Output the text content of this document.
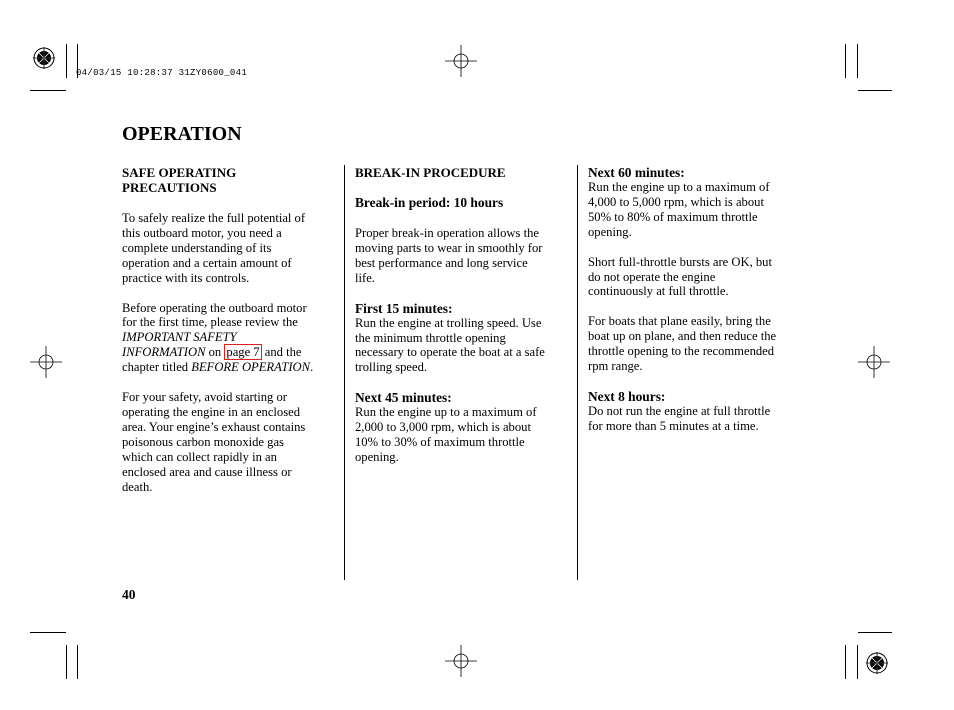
04/03/15 10:28:37 31ZY0600_041
OPERATION

SAFE OPERATING

PRECAUTIONS

To safely realize the full potential of

this outboard motor, you need a

complete understanding of its

operation and a certain amount of

practice with its controls.

Before operating the outboard motor

for the first time, please review the

IMPORTANT SAFETY

INFORMATION on page 7 and the

chapter titled BEFORE OPERATION.

For your safety, avoid starting or

operating the engine in an enclosed

area. Your engine’s exhaust contains

poisonous carbon monoxide gas

which can collect rapidly in an

enclosed area and cause illness or

death.

BREAK-IN PROCEDURE

Break-in period: 10 hours

Proper break-in operation allows the

moving parts to wear in smoothly for

best performance and long service

life.

First 15 minutes:

Run the engine at trolling speed. Use

the minimum throttle opening

necessary to operate the boat at a safe

trolling speed.

Next 45 minutes:

Run the engine up to a maximum of

2,000 to 3,000 rpm, which is about

10% to 30% of maximum throttle

opening.

Next 60 minutes:

Run the engine up to a maximum of

4,000 to 5,000 rpm, which is about

50% to 80% of maximum throttle

opening.

Short full-throttle bursts are OK, but

do not operate the engine

continuously at full throttle.

For boats that plane easily, bring the

boat up on plane, and then reduce the

throttle opening to the recommended

rpm range.

Next 8 hours:

Do not run the engine at full throttle

for more than 5 minutes at a time.

40
